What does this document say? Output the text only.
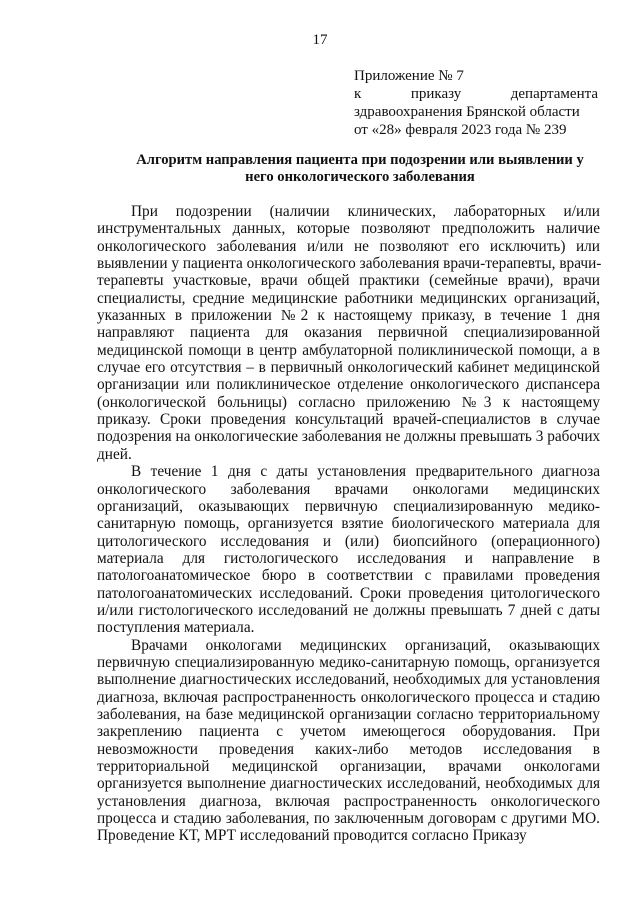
17
Приложение № 7
к	приказу	департамента
здравоохранения Брянской области
от «28» февраля 2023 года № 239
Алгоритм направления пациента при подозрении или выявлении у
него онкологического заболевания
При подозрении (наличии клинических, лабораторных и/или
инструментальных данных, которые позволяют предположить наличие
онкологического заболевания и/или не позволяют его исключить) или
выявлении у пациента онкологического заболевания врачи-терапевты, врачи-
терапевты участковые, врачи общей практики (семейные врачи), врачи
специалисты, средние медицинские работники медицинских организаций,
указанных в приложении №2 к настоящему приказу, в течение 1 дня
направляют пациента для оказания первичной специализированной
медицинской помощи в центр амбулаторной поликлинической помощи, а в
случае его отсутствия – в первичный онкологический кабинет медицинской
организации или поликлиническое отделение онкологического диспансера
(онкологической больницы) согласно приложению №3 к настоящему
приказу. Сроки проведения консультаций врачей-специалистов в случае
подозрения на онкологические заболевания не должны превышать 3 рабочих
дней.
В течение 1 дня с даты установления предварительного диагноза
онкологического заболевания врачами онкологами медицинских
организаций, оказывающих первичную специализированную медико-
санитарную помощь, организуется взятие биологического материала для
цитологического исследования и (или) биопсийного (операционного)
материала для гистологического исследования и направление в
патологоанатомическое бюро в соответствии с правилами проведения
патологоанатомических исследований. Сроки проведения цитологического
и/или гистологического исследований не должны превышать 7 дней с даты
поступления материала.
Врачами онкологами медицинских организаций, оказывающих
первичную специализированную медико-санитарную помощь, организуется
выполнение диагностических исследований, необходимых для установления
диагноза, включая распространенность онкологического процесса и стадию
заболевания, на базе медицинской организации согласно территориальному
закреплению пациента с учетом имеющегося оборудования. При
невозможности проведения каких-либо методов исследования в
территориальной медицинской организации, врачами онкологами
организуется выполнение диагностических исследований, необходимых для
установления диагноза, включая распространенность онкологического
процесса и стадию заболевания, по заключенным договорам с другими МО.
Проведение КТ, МРТ исследований проводится согласно Приказу
